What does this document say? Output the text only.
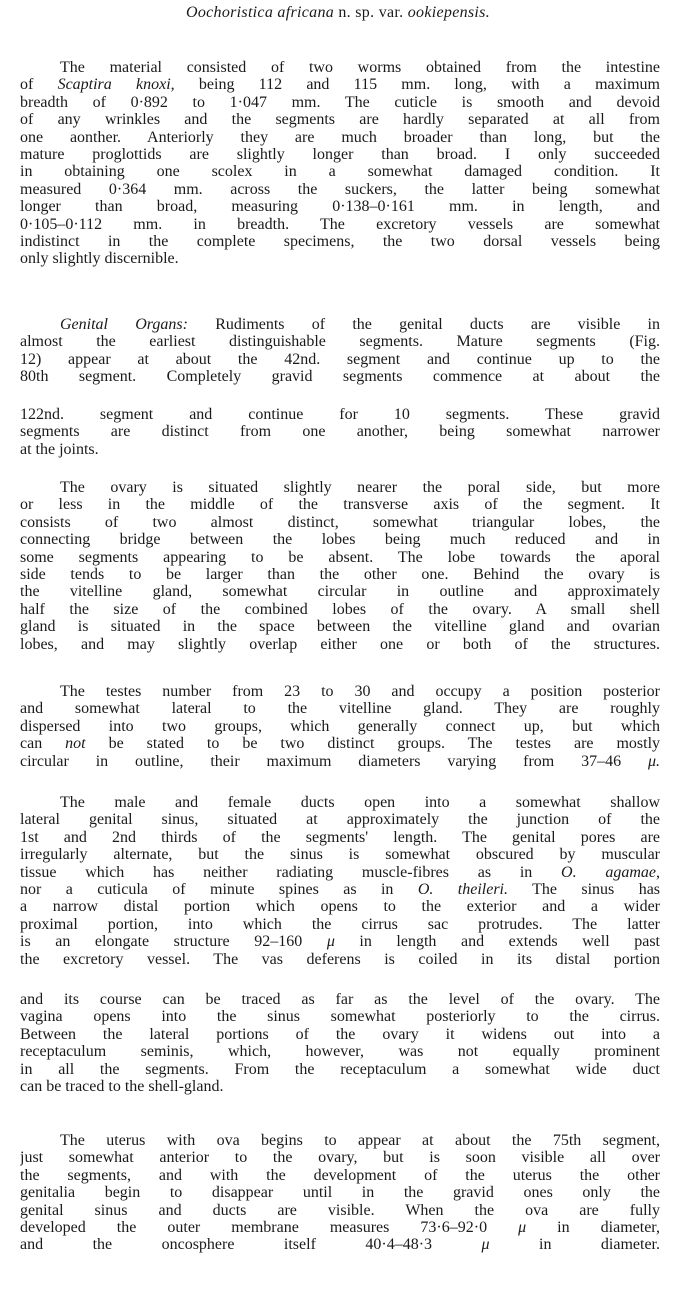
Oochoristica africana n. sp. var. ookiepensis.
The material consisted of two worms obtained from the intestine
of Scaptira knoxi, being 112 and 115 mm. long, with a maximum
breadth of 0·892 to 1·047 mm. The cuticle is smooth and devoid
of any wrinkles and the segments are hardly separated at all from
one aonther. Anteriorly they are much broader than long, but the
mature proglottids are slightly longer than broad. I only succeeded
in obtaining one scolex in a somewhat damaged condition. It
measured 0·364 mm. across the suckers, the latter being somewhat
longer than broad, measuring 0·138–0·161 mm. in length, and
0·105–0·112 mm. in breadth. The excretory vessels are somewhat
indistinct in the complete specimens, the two dorsal vessels being
only slightly discernible.
Genital Organs: Rudiments of the genital ducts are visible in
almost the earliest distinguishable segments. Mature segments (Fig.
12) appear at about the 42nd. segment and continue up to the
80th segment. Completely gravid segments commence at about the
122nd. segment and continue for 10 segments. These gravid
segments are distinct from one another, being somewhat narrower
at the joints.
The ovary is situated slightly nearer the poral side, but more
or less in the middle of the transverse axis of the segment. It
consists of two almost distinct, somewhat triangular lobes, the
connecting bridge between the lobes being much reduced and in
some segments appearing to be absent. The lobe towards the aporal
side tends to be larger than the other one. Behind the ovary is
the vitelline gland, somewhat circular in outline and approximately
half the size of the combined lobes of the ovary. A small shell
gland is situated in the space between the vitelline gland and ovarian
lobes, and may slightly overlap either one or both of the structures.
The testes number from 23 to 30 and occupy a position posterior
and somewhat lateral to the vitelline gland. They are roughly
dispersed into two groups, which generally connect up, but which
can not be stated to be two distinct groups. The testes are mostly
circular in outline, their maximum diameters varying from 37–46 μ.
The male and female ducts open into a somewhat shallow
lateral genital sinus, situated at approximately the junction of the
1st and 2nd thirds of the segments' length. The genital pores are
irregularly alternate, but the sinus is somewhat obscured by muscular
tissue which has neither radiating muscle-fibres as in O. agamae,
nor a cuticula of minute spines as in O. theileri. The sinus has
a narrow distal portion which opens to the exterior and a wider
proximal portion, into which the cirrus sac protrudes. The latter
is an elongate structure 92–160 μ in length and extends well past
the excretory vessel. The vas deferens is coiled in its distal portion
and its course can be traced as far as the level of the ovary. The
vagina opens into the sinus somewhat posteriorly to the cirrus.
Between the lateral portions of the ovary it widens out into a
receptaculum seminis, which, however, was not equally prominent
in all the segments. From the receptaculum a somewhat wide duct
can be traced to the shell-gland.
The uterus with ova begins to appear at about the 75th segment,
just somewhat anterior to the ovary, but is soon visible all over
the segments, and with the development of the uterus the other
genitalia begin to disappear until in the gravid ones only the
genital sinus and ducts are visible. When the ova are fully
developed the outer membrane measures 73·6–92·0 μ in diameter,
and the oncosphere itself 40·4–48·3 μ in diameter.
